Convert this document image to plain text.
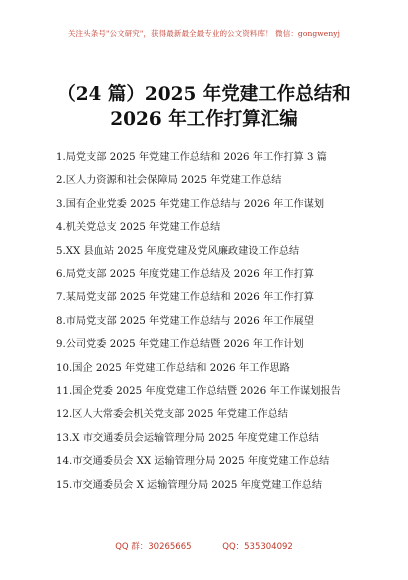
关注头条号"公文研究"，获得最新最全最专业的公文资料库！ 微信：gongwenyj
（24 篇）2025 年党建工作总结和 2026 年工作打算汇编
1.局党支部 2025 年党建工作总结和 2026 年工作打算 3 篇
2.区人力资源和社会保障局 2025 年党建工作总结
3.国有企业党委 2025 年党建工作总结与 2026 年工作谋划
4.机关党总支 2025 年党建工作总结
5.XX 县血站 2025 年度党建及党风廉政建设工作总结
6.局党支部 2025 年度党建工作总结及 2026 年工作打算
7.某局党支部 2025 年党建工作总结和 2026 年工作打算
8.市局党支部 2025 年党建工作总结与 2026 年工作展望
9.公司党委 2025 年党建工作总结暨 2026 年工作计划
10.国企 2025 年党建工作总结和 2026 年工作思路
11.国企党委 2025 年度党建工作总结暨 2026 年工作谋划报告
12.区人大常委会机关党支部 2025 年党建工作总结
13.X 市交通委员会运输管理分局 2025 年度党建工作总结
14.市交通委员会 XX 运输管理分局 2025 年度党建工作总结
15.市交通委员会 X 运输管理分局 2025 年度党建工作总结
QQ 群：30265665	QQ：535304092
